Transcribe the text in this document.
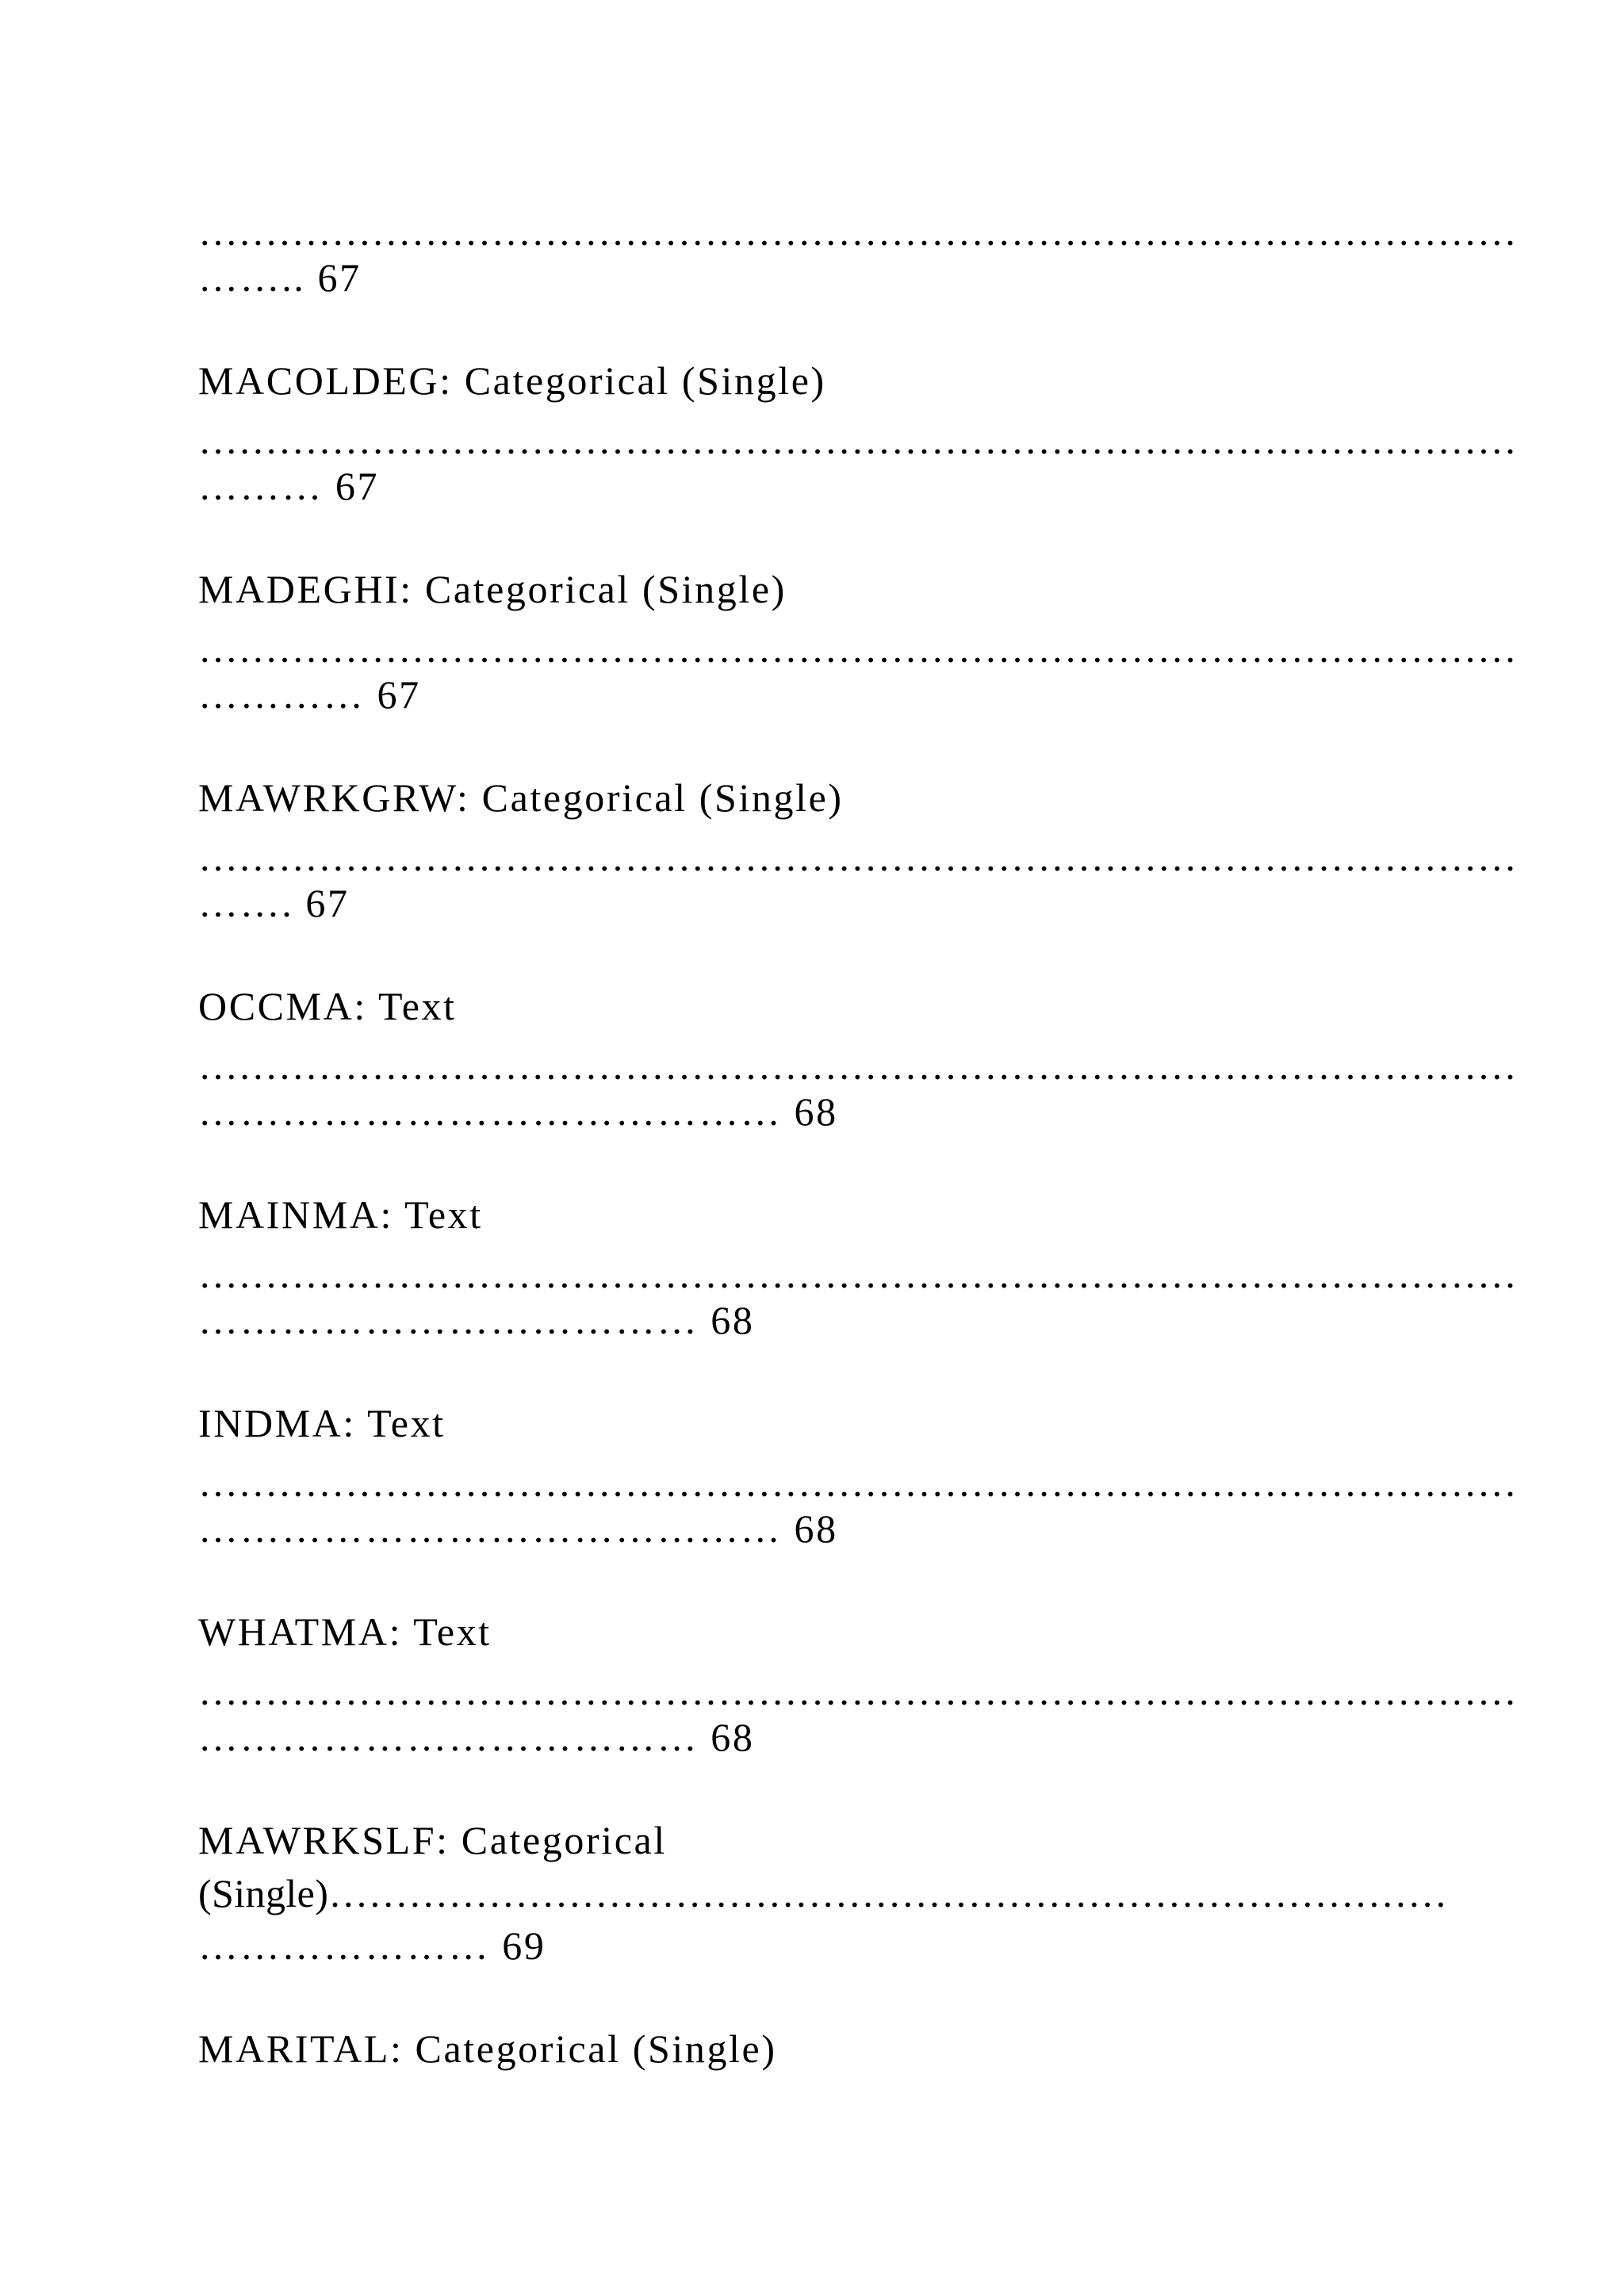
………………………………………………………………………………………
…….. 67
MACOLDEG: Categorical (Single)
………………………………………………………………………………………
……… 67
MADEGHI: Categorical (Single)
………………………………………………………………………………………
………… 67
MAWRKGRW: Categorical (Single)
………………………………………………………………………………………
……. 67
OCCMA: Text
………………………………………………………………………………………
…………………………………… 68
MAINMA: Text
………………………………………………………………………………………
……………………………… 68
INDMA: Text
………………………………………………………………………………………
…………………………………… 68
WHATMA: Text
………………………………………………………………………………………
……………………………… 68
MAWRKSLF: Categorical
(Single)…………………………………………………………………………
………………… 69
MARITAL: Categorical (Single)
